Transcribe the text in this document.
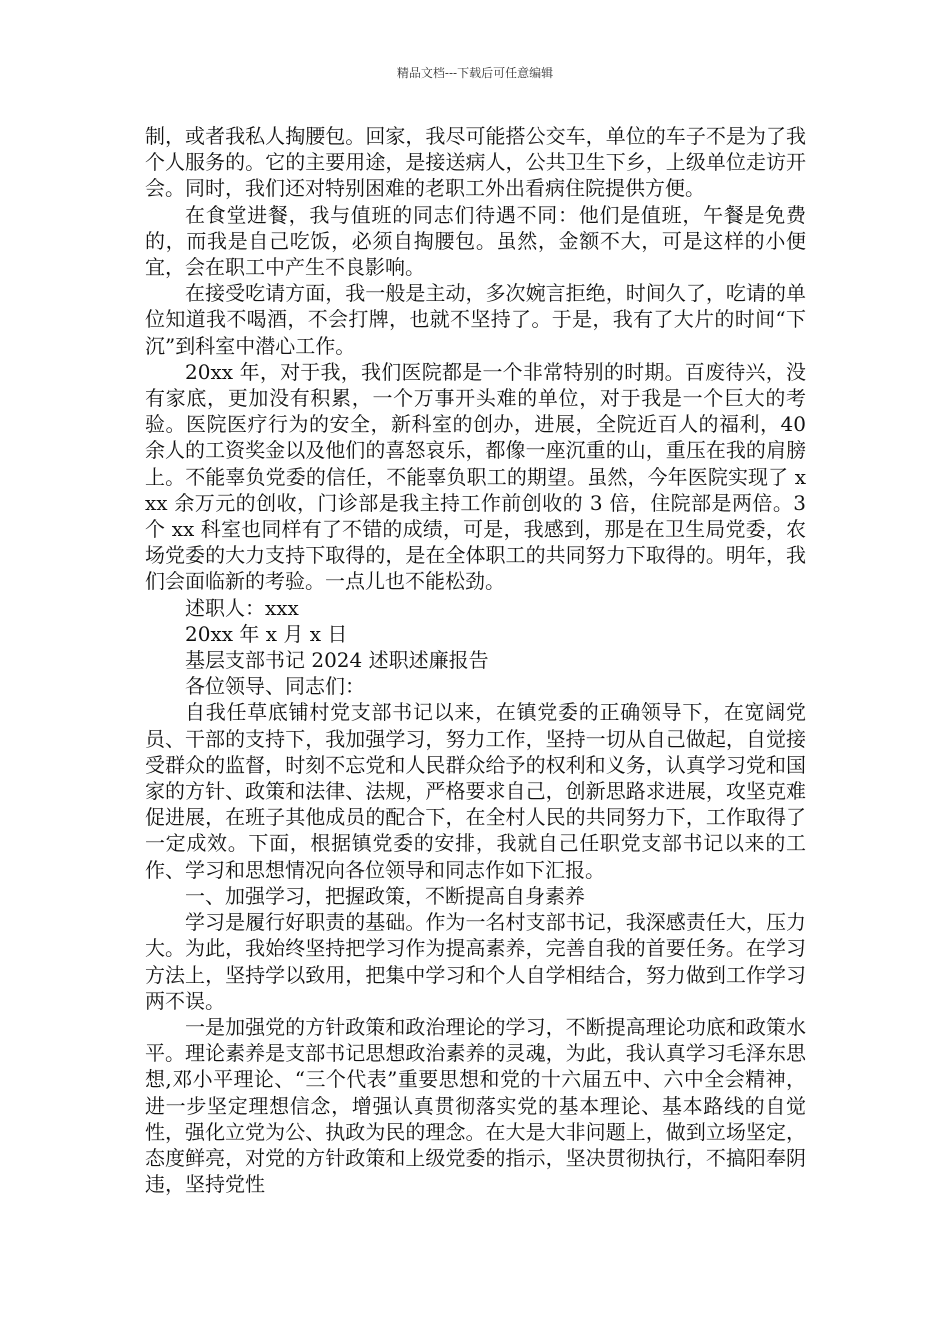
精品文档---下载后可任意编辑

制，或者我私人掏腰包。回家，我尽可能搭公交车，单位的车子不是为了我个人服务的。它的主要用途，是接送病人，公共卫生下乡，上级单位走访开会。同时，我们还对特别困难的老职工外出看病住院提供方便。

在食堂进餐，我与值班的同志们待遇不同：他们是值班，午餐是免费的，而我是自己吃饭，必须自掏腰包。虽然，金额不大，可是这样的小便宜，会在职工中产生不良影响。

在接受吃请方面，我一般是主动，多次婉言拒绝，时间久了，吃请的单位知道我不喝酒，不会打牌，也就不坚持了。于是，我有了大片的时间“下沉”到科室中潜心工作。

20xx 年，对于我，我们医院都是一个非常特别的时期。百废待兴，没有家底，更加没有积累，一个万事开头难的单位，对于我是一个巨大的考验。医院医疗行为的安全，新科室的创办，进展，全院近百人的福利，40 余人的工资奖金以及他们的喜怒哀乐，都像一座沉重的山，重压在我的肩膀上。不能辜负党委的信任，不能辜负职工的期望。虽然，今年医院实现了 xxx 余万元的创收，门诊部是我主持工作前创收的 3 倍，住院部是两倍。3 个 xx 科室也同样有了不错的成绩，可是，我感到，那是在卫生局党委，农场党委的大力支持下取得的，是在全体职工的共同努力下取得的。明年，我们会面临新的考验。一点儿也不能松劲。

述职人：xxx

20xx 年 x 月 x 日

基层支部书记 2024 述职述廉报告

各位领导、同志们：

自我任草底铺村党支部书记以来，在镇党委的正确领导下，在宽阔党员、干部的支持下，我加强学习，努力工作，坚持一切从自己做起，自觉接受群众的监督，时刻不忘党和人民群众给予的权利和义务，认真学习党和国家的方针、政策和法律、法规，严格要求自己，创新思路求进展，攻坚克难促进展，在班子其他成员的配合下，在全村人民的共同努力下，工作取得了一定成效。下面，根据镇党委的安排，我就自己任职党支部书记以来的工作、学习和思想情况向各位领导和同志作如下汇报。

一、加强学习，把握政策，不断提高自身素养

学习是履行好职责的基础。作为一名村支部书记，我深感责任大，压力大。为此，我始终坚持把学习作为提高素养，完善自我的首要任务。在学习方法上，坚持学以致用，把集中学习和个人自学相结合，努力做到工作学习两不误。

一是加强党的方针政策和政治理论的学习，不断提高理论功底和政策水平。理论素养是支部书记思想政治素养的灵魂，为此，我认真学习毛泽东思想,邓小平理论、“三个代表”重要思想和党的十六届五中、六中全会精神，进一步坚定理想信念，增强认真贯彻落实党的基本理论、基本路线的自觉性，强化立党为公、执政为民的理念。在大是大非问题上，做到立场坚定，态度鲜亮，对党的方针政策和上级党委的指示，坚决贯彻执行，不搞阳奉阴违，坚持党性
